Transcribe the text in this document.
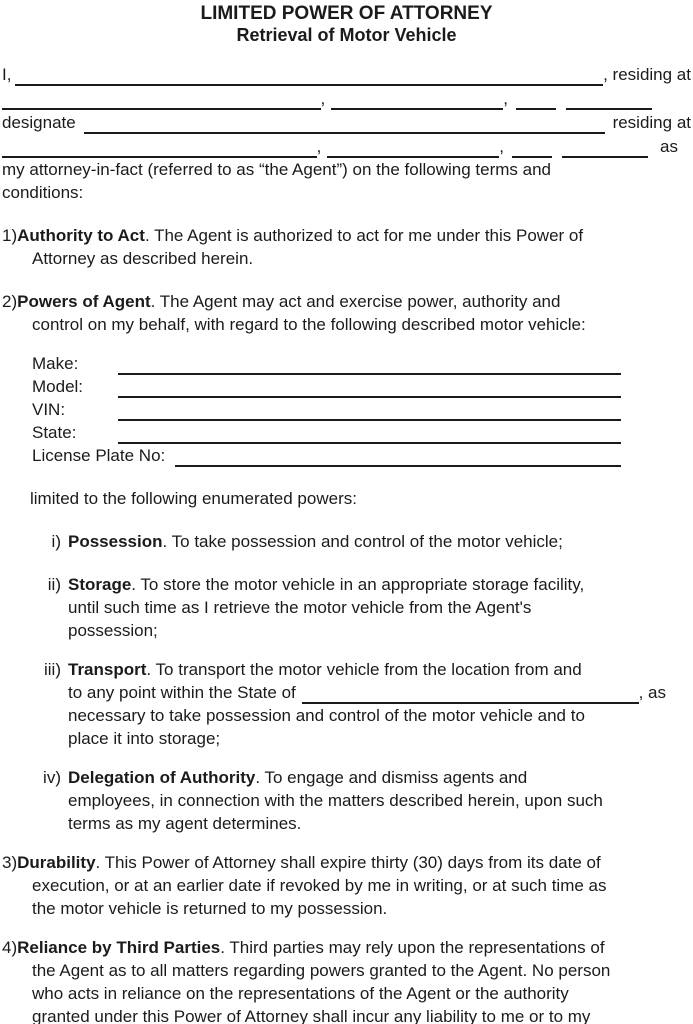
LIMITED POWER OF ATTORNEY
Retrieval of Motor Vehicle
I,	, residing at
,	,
designate	residing at
,	,	as
my attorney-in-fact (referred to as “the Agent”) on the following terms and
conditions:
1)Authority to Act. The Agent is authorized to act for me under this Power of
Attorney as described herein.
2)Powers of Agent. The Agent may act and exercise power, authority and
control on my behalf, with regard to the following described motor vehicle:
Make:
Model:
VIN:
State:
License Plate No:
limited to the following enumerated powers:
i) Possession. To take possession and control of the motor vehicle;
ii) Storage. To store the motor vehicle in an appropriate storage facility,
until such time as I retrieve the motor vehicle from the Agent's
possession;
iii) Transport. To transport the motor vehicle from the location from and
to any point within the State of	, as
necessary to take possession and control of the motor vehicle and to
place it into storage;
iv) Delegation of Authority. To engage and dismiss agents and
employees, in connection with the matters described herein, upon such
terms as my agent determines.
3)Durability. This Power of Attorney shall expire thirty (30) days from its date of
execution, or at an earlier date if revoked by me in writing, or at such time as
the motor vehicle is returned to my possession.
4)Reliance by Third Parties. Third parties may rely upon the representations of
the Agent as to all matters regarding powers granted to the Agent. No person
who acts in reliance on the representations of the Agent or the authority
granted under this Power of Attorney shall incur any liability to me or to my
